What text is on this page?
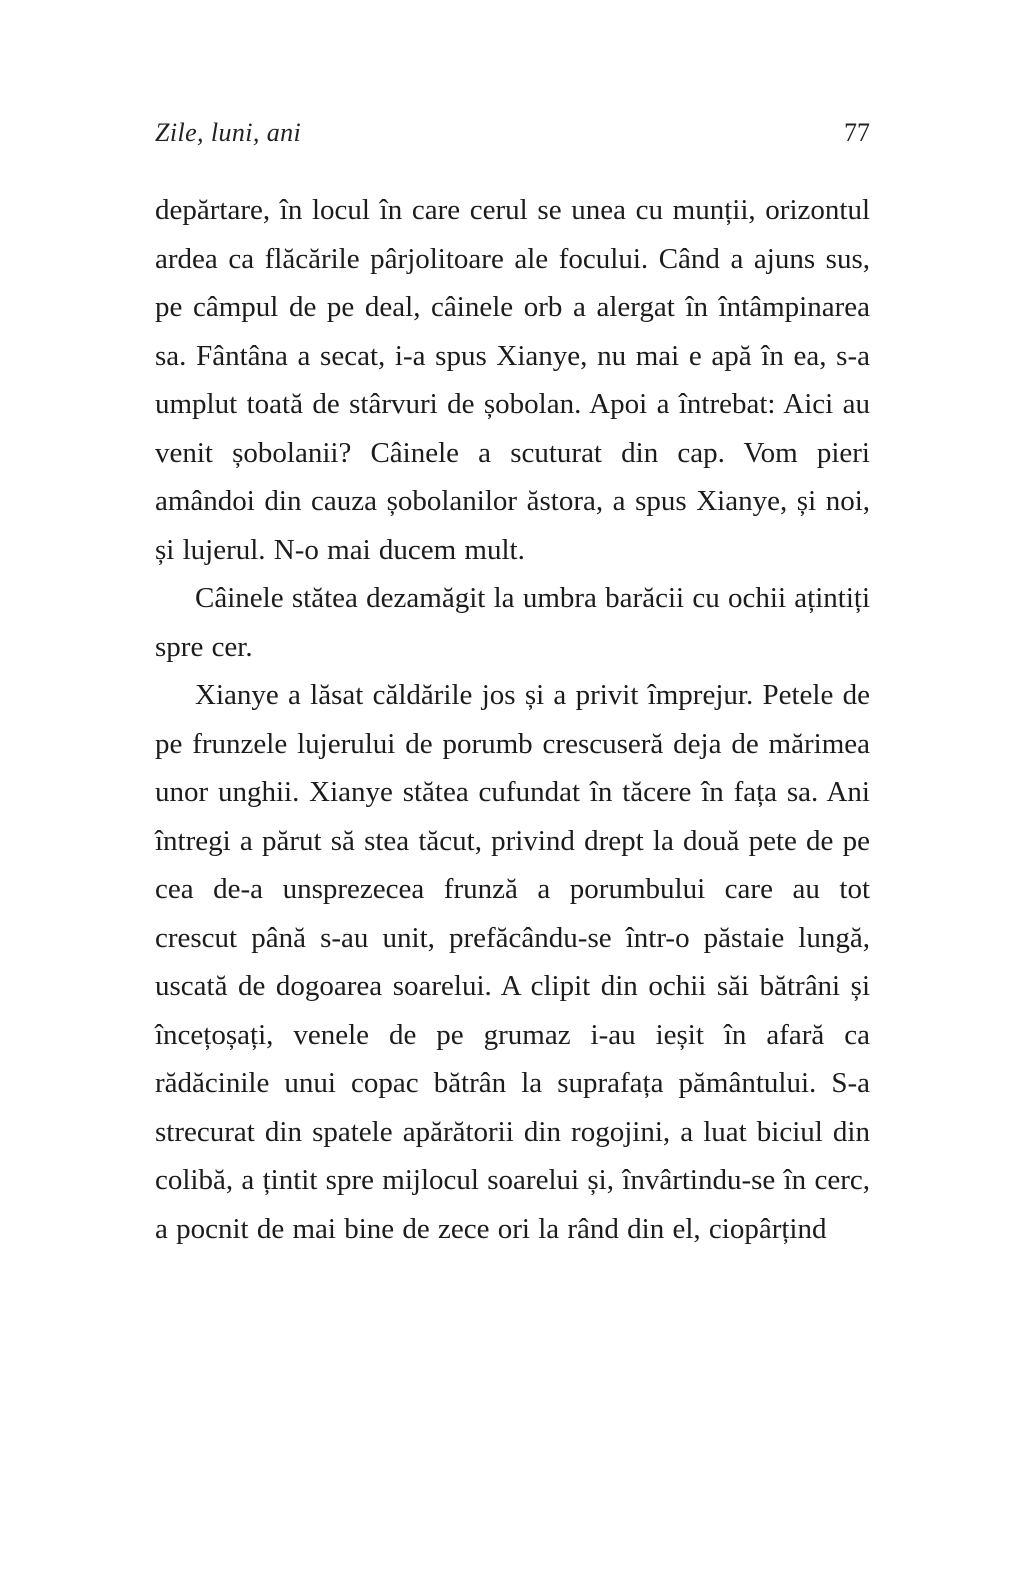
Zile, luni, ani	77

depărtare, în locul în care cerul se unea cu munții, orizontul ardea ca flăcările pârjolitoare ale focului. Când a ajuns sus, pe câmpul de pe deal, câinele orb a alergat în întâmpinarea sa. Fântâna a secat, i-a spus Xianye, nu mai e apă în ea, s-a umplut toată de stârvuri de șobolan. Apoi a întrebat: Aici au venit șobolanii? Câinele a scuturat din cap. Vom pieri amândoi din cauza șobolanilor ăstora, a spus Xianye, și noi, și lujerul. N-o mai ducem mult.

Câinele stătea dezamăgit la umbra barăcii cu ochii ațintiți spre cer.

Xianye a lăsat căldările jos și a privit împrejur. Petele de pe frunzele lujerului de porumb crescuseră deja de mărimea unor unghii. Xianye stătea cufundat în tăcere în fața sa. Ani întregi a părut să stea tăcut, privind drept la două pete de pe cea de-a unsprezecea frunză a porumbului care au tot crescut până s-au unit, prefăcându-se într-o păstaie lungă, uscată de dogoarea soarelui. A clipit din ochii săi bătrâni și încețoșați, venele de pe grumaz i-au ieșit în afară ca rădăcinile unui copac bătrân la suprafața pământului. S-a strecurat din spatele apărătorii din rogojini, a luat biciul din colibă, a țintit spre mijlocul soarelui și, învârtindu-se în cerc, a pocnit de mai bine de zece ori la rând din el, ciopârțind
